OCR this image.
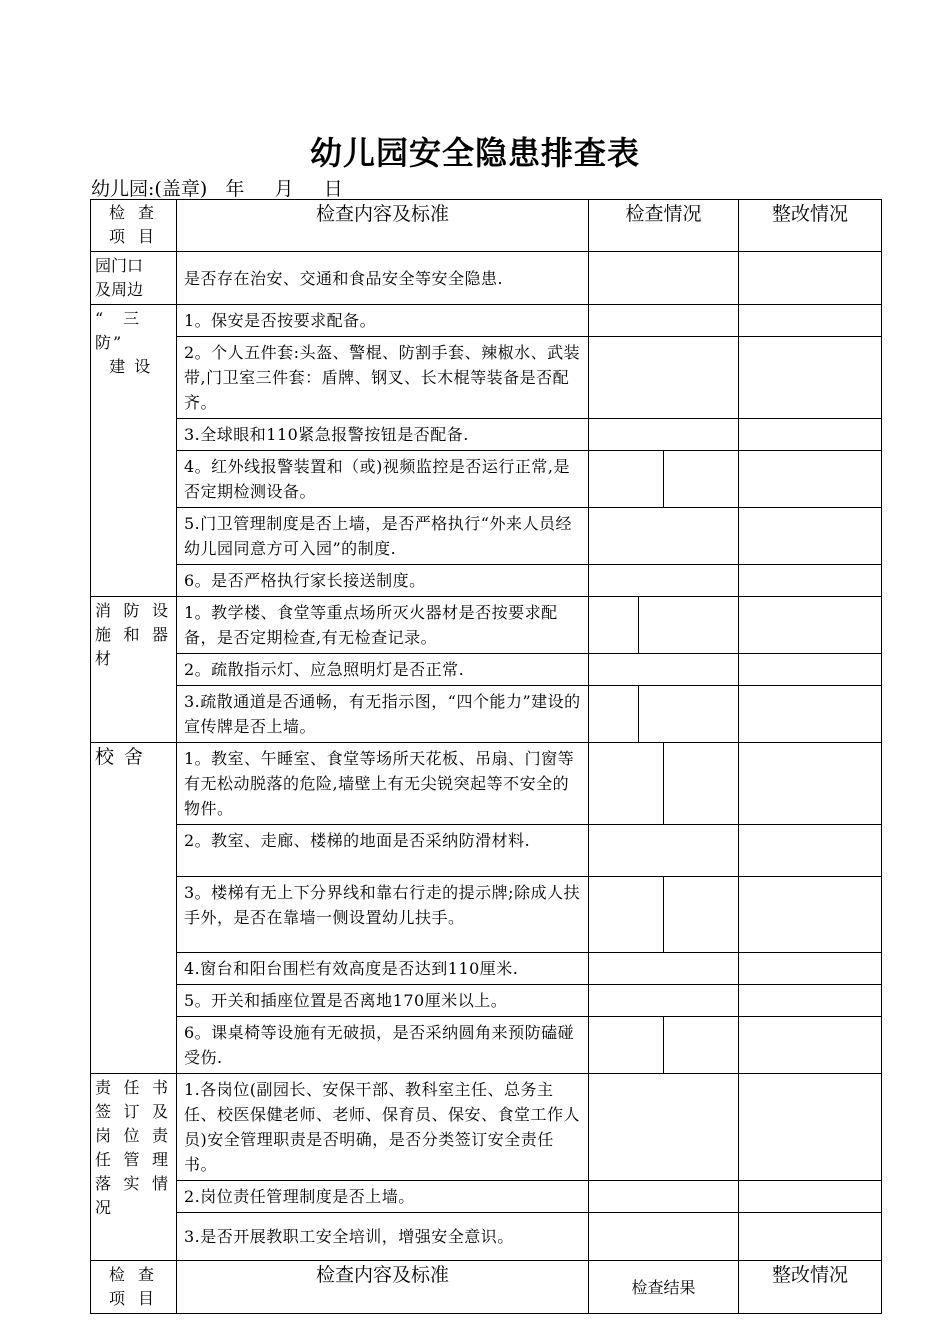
幼儿园安全隐患排查表
幼儿园:(盖章)   年     月     日
检 查
项 目	检查内容及标准	检查情况			整改情况
园门口
及周边	是否存在治安、交通和食品安全等安全隐患.				
“　三
防”
建 设	1。保安是否按要求配备。				
	2。个人五件套:头盔、警棍、防割手套、辣椒水、武装带,门卫室三件套：盾牌、钢叉、长木棍等装备是否配齐。				
	3.全球眼和110紧急报警按钮是否配备.				
	4。红外线报警装置和（或)视频监控是否运行正常,是否定期检测设备。				
	5.门卫管理制度是否上墙，是否严格执行“外来人员经幼儿园同意方可入园”的制度.				
	6。是否严格执行家长接送制度。				
消防设施和器材	1。教学楼、食堂等重点场所灭火器材是否按要求配备，是否定期检查,有无检查记录。				
	2。疏散指示灯、应急照明灯是否正常.				
	3.疏散通道是否通畅，有无指示图，“四个能力”建设的宣传牌是否上墙。				
校 舍	1。教室、午睡室、食堂等场所天花板、吊扇、门窗等有无松动脱落的危险,墙壁上有无尖锐突起等不安全的物件。				
	2。教室、走廊、楼梯的地面是否采纳防滑材料.				
	3。楼梯有无上下分界线和靠右行走的提示牌;除成人扶手外，是否在靠墙一侧设置幼儿扶手。				
	4.窗台和阳台围栏有效高度是否达到110厘米.				
	5。开关和插座位置是否离地170厘米以上。				
	6。课桌椅等设施有无破损，是否采纳圆角来预防磕碰受伤.				
责任书签订及岗位责任管理落实情况	1.各岗位(副园长、安保干部、教科室主任、总务主任、校医保健老师、老师、保育员、保安、食堂工作人员)安全管理职责是否明确，是否分类签订安全责任书。				
	2.岗位责任管理制度是否上墙。				
	3.是否开展教职工安全培训，增强安全意识。				
检 查
项 目	检查内容及标准	检查结果			整改情况
